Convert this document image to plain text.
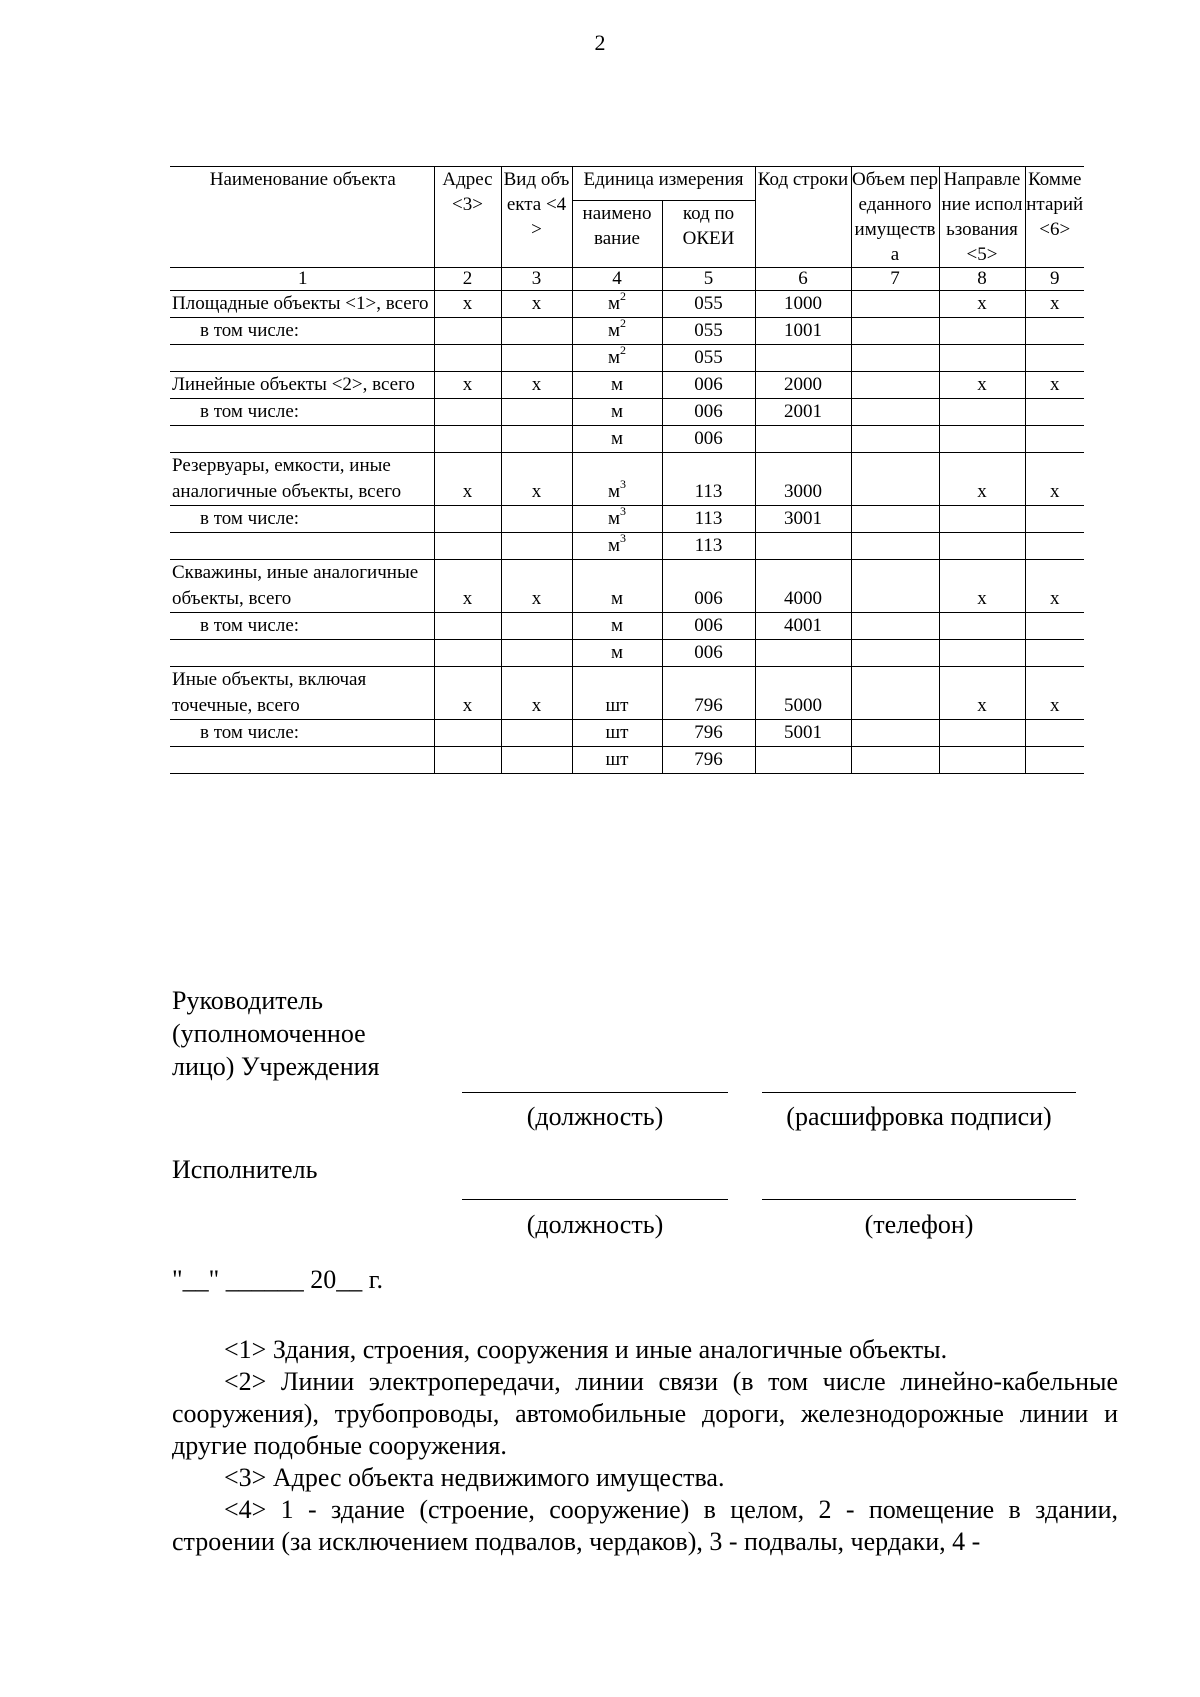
2
Наименование объекта	Адрес <3>	Вид объекта <4>	Единица измерения		Код строки	Объем переданного имущества	Направление использования <5>	Комментарий <6>
			наимено вание	код по ОКЕИ				
1	2	3	4	5	6	7	8	9
Площадные объекты <1>, всего	x	x	$м^2$	055	1000		x	x
в том числе:			$м^2$	055	1001			
			$м^2$	055				
Линейные объекты <2>, всего	x	x	м	006	2000		x	x
в том числе:			м	006	2001			
			м	006				
Резервуары, емкости, иные аналогичные объекты, всего	x	x	$м^3$	113	3000		x	x
в том числе:			$м^3$	113	3001			
			$м^3$	113				
Скважины, иные аналогичные объекты, всего	x	x	м	006	4000		x	x
в том числе:			м	006	4001			
			м	006				
Иные объекты, включая точечные, всего	x	x	шт	796	5000		x	x
в том числе:			шт	796	5001			
			шт	796				
Руководитель (уполномоченное лицо) Учреждения
(должность)	(расшифровка подписи)
Исполнитель
(должность)	(телефон)
"__" ______ 20__ г.

<1> Здания, строения, сооружения и иные аналогичные объекты.

<2> Линии электропередачи, линии связи (в том числе линейно-кабельные сооружения), трубопроводы, автомобильные дороги, железнодорожные линии и другие подобные сооружения.

<3> Адрес объекта недвижимого имущества.

<4> 1 - здание (строение, сооружение) в целом, 2 - помещение в здании, строении (за исключением подвалов, чердаков), 3 - подвалы, чердаки, 4 -
